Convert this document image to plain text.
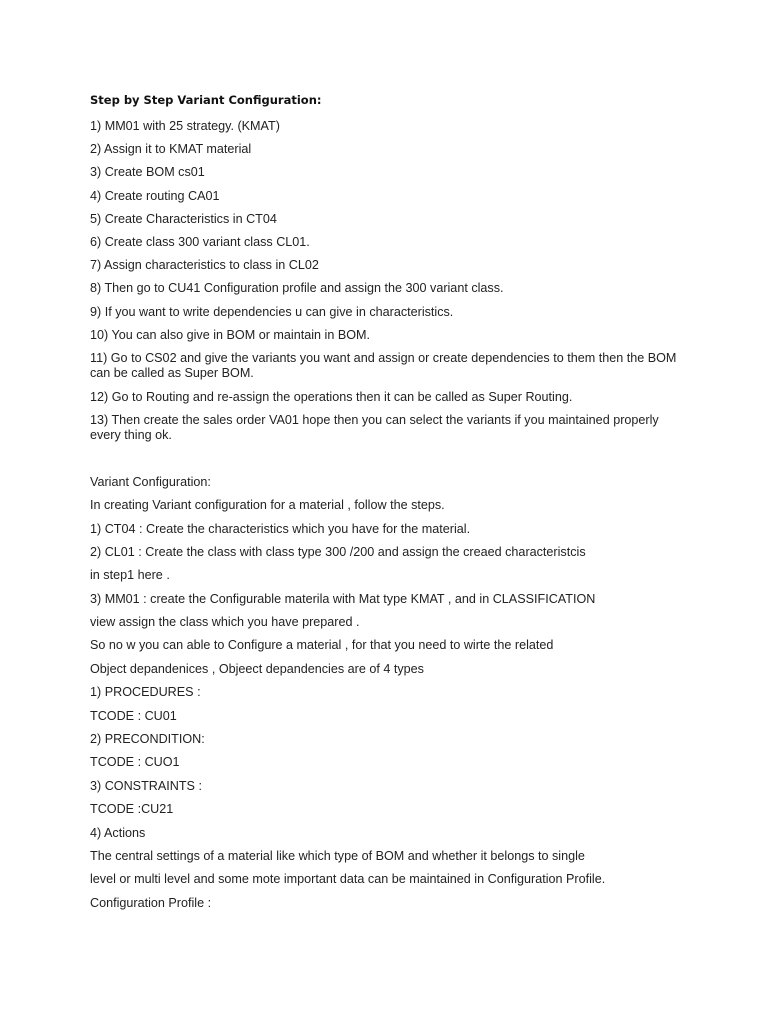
Step by Step Variant Configuration:
1) MM01 with 25 strategy. (KMAT)
2) Assign it to KMAT material
3) Create BOM cs01
4) Create routing CA01
5) Create Characteristics in CT04
6) Create class 300 variant class CL01.
7) Assign characteristics to class in CL02
8) Then go to CU41 Configuration profile and assign the 300 variant class.
9) If you want to write dependencies u can give in characteristics.
10) You can also give in BOM or maintain in BOM.
11) Go to CS02 and give the variants you want and assign or create dependencies to them then the BOM can be called as Super BOM.
12) Go to Routing and re-assign the operations then it can be called as Super Routing.
13) Then create the sales order VA01 hope then you can select the variants if you maintained properly every thing ok.
Variant Configuration:
In creating Variant configuration for a material , follow the steps.
1) CT04 : Create the characteristics which you have for the material.
2) CL01 : Create the class with class type 300 /200 and assign the creaed characteristcis
in step1 here .
3) MM01 : create the Configurable materila with Mat type KMAT , and in CLASSIFICATION
view assign the class which you have prepared .
So no w you can able to Configure a material , for that you need to wirte the related
Object depandenices , Objeect depandencies are of 4 types
1) PROCEDURES :
TCODE : CU01
2) PRECONDITION:
TCODE : CUO1
3) CONSTRAINTS :
TCODE :CU21
4) Actions
The central settings of a material like which type of BOM and whether it belongs to single
level or multi level and some mote important data can be maintained in Configuration Profile.
Configuration Profile :
